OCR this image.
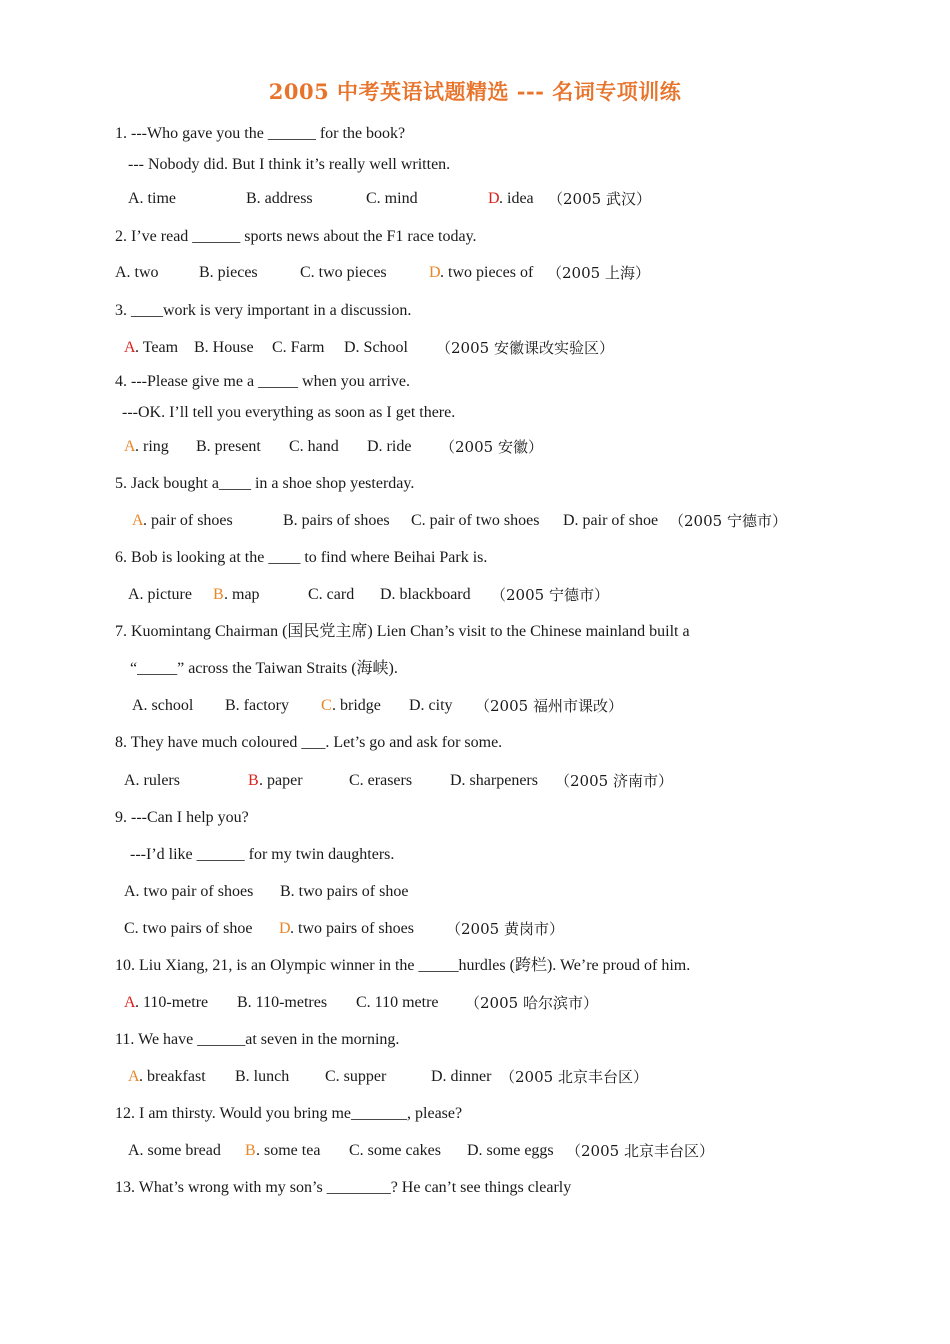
2005 中考英语试题精选 --- 名词专项训练
1. ---Who gave you the ______ for the book?
--- Nobody did. But I think it’s really well written.
A. time	B. address	C. mind	D . idea （2005 武汉）
2. I’ve read ______ sports news about the F1 race today.
A. two	B. pieces	C. two pieces	D . two pieces of （2005 上海）
3. ____work is very important in a discussion.
A . Team B. House C. Farm D. School （2005 安徽课改实验区）
4. ---Please give me a _____ when you arrive.
---OK. I’ll tell you everything as soon as I get there.
A . ring B. present C. hand D. ride （2005 安徽）
5. Jack bought a____ in a shoe shop yesterday.
A . pair of shoes	B. pairs of shoes C. pair of two shoes D. pair of shoe （2005 宁德市）
6. Bob is looking at the ____ to find where Beihai Park is.
A. picture B . map	C. card D. blackboard （2005 宁德市）
7. Kuomintang Chairman (国民党主席) Lien Chan’s visit to the Chinese mainland built a
“_____” across the Taiwan Straits (海峡).
A. school B. factory C . bridge D. city （2005 福州市课改）
8. They have much coloured ___. Let’s go and ask for some.
A. rulers	B . paper	C. erasers D. sharpeners （2005 济南市）
9. ---Can I help you?
---I’d like ______ for my twin daughters.
A. two pair of shoes B. two pairs of shoe
C. two pairs of shoe D . two pairs of shoes （2005 黄岗市）
10. Liu Xiang, 21, is an Olympic winner in the _____hurdles (跨栏). We’re proud of him.
A . 110-metre B. 110-metres C. 110 metre （2005 哈尔滨市）
11. We have ______at seven in the morning.
A . breakfast B. lunch C. supper	D. dinner （2005 北京丰台区）
12. I am thirsty. Would you bring me_______, please?
A. some bread B . some tea C. some cakes D. some eggs （2005 北京丰台区）
13. What’s wrong with my son’s ________? He can’t see things clearly
